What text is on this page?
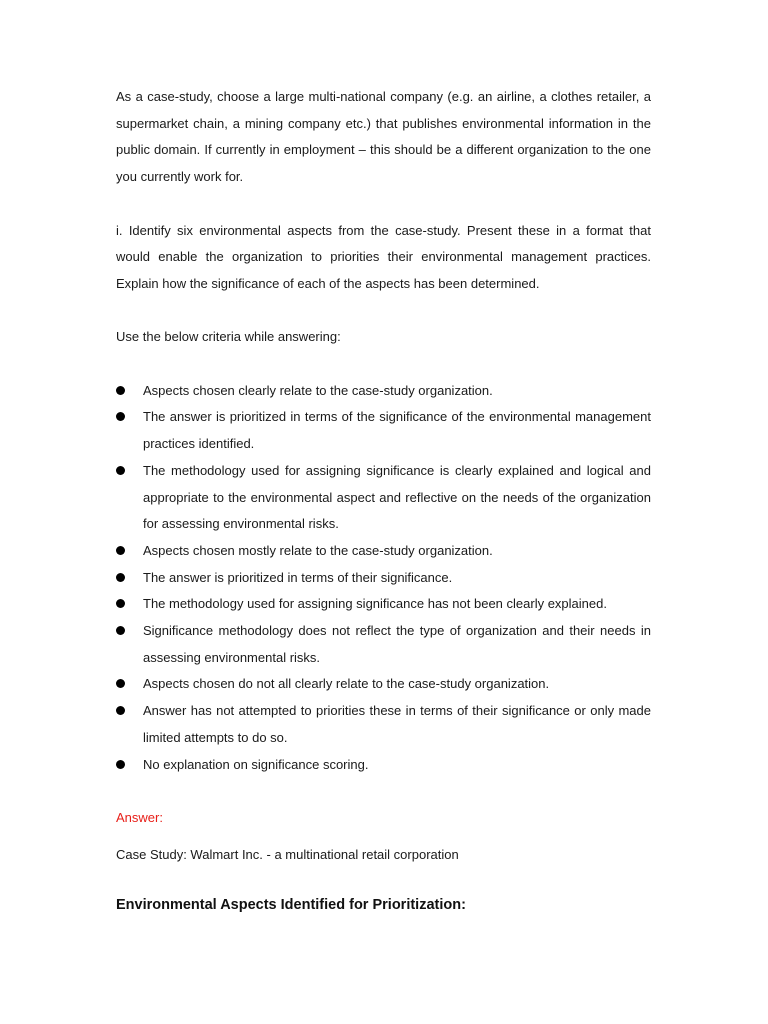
As a case-study, choose a large multi-national company (e.g. an airline, a clothes retailer, a supermarket chain, a mining company etc.) that publishes environmental information in the public domain. If currently in employment – this should be a different organization to the one you currently work for.

i. Identify six environmental aspects from the case-study. Present these in a format that would enable the organization to priorities their environmental management practices. Explain how the significance of each of the aspects has been determined.

Use the below criteria while answering:

Aspects chosen clearly relate to the case-study organization.
The answer is prioritized in terms of the significance of the environmental management practices identified.
The methodology used for assigning significance is clearly explained and logical and appropriate to the environmental aspect and reflective on the needs of the organization for assessing environmental risks.
Aspects chosen mostly relate to the case-study organization.
The answer is prioritized in terms of their significance.
The methodology used for assigning significance has not been clearly explained.
Significance methodology does not reflect the type of organization and their needs in assessing environmental risks.
Aspects chosen do not all clearly relate to the case-study organization.
Answer has not attempted to priorities these in terms of their significance or only made limited attempts to do so.
No explanation on significance scoring.

Answer:

Case Study: Walmart Inc. - a multinational retail corporation

Environmental Aspects Identified for Prioritization:
